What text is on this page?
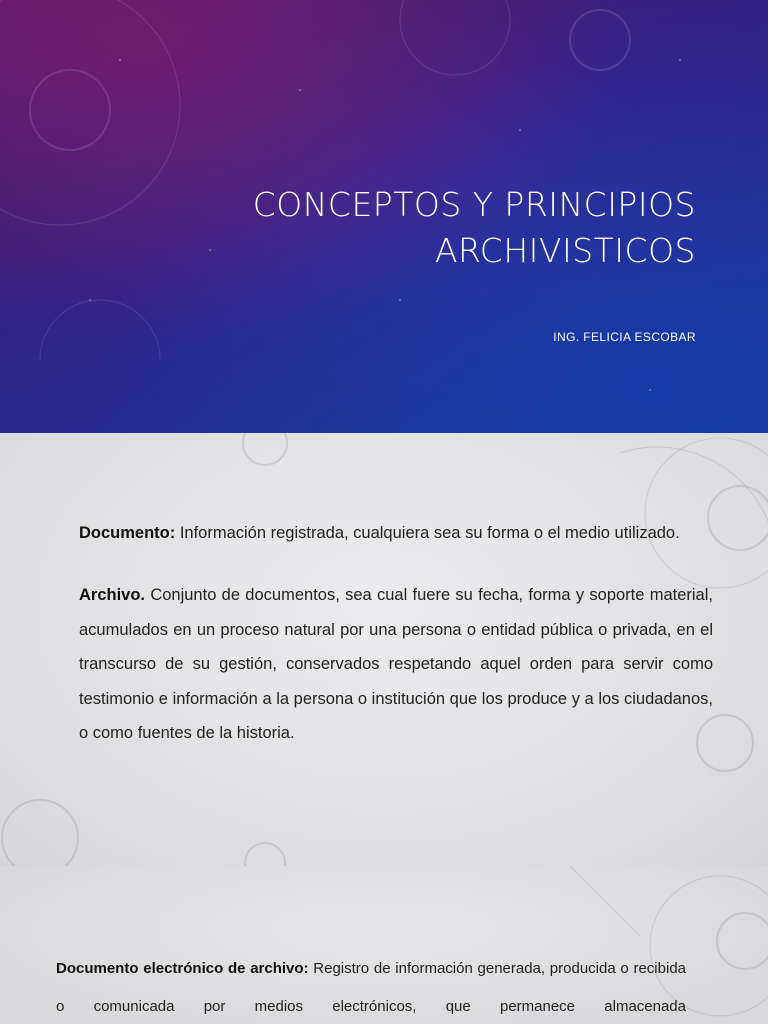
CONCEPTOS Y PRINCIPIOS
ARCHIVISTICOS
ING. FELICIA ESCOBAR
Documento: Información registrada, cualquiera sea su forma o el medio utilizado.
Archivo. Conjunto de documentos, sea cual fuere su fecha, forma y soporte material, acumulados en un proceso natural por una persona o entidad pública o privada, en el transcurso de su gestión, conservados respetando aquel orden para servir como testimonio e información a la persona o institución que los produce y a los ciudadanos, o como fuentes de la historia.
Documento electrónico de archivo: Registro de información generada, producida o recibida o comunicada por medios electrónicos, que permanece almacenada
